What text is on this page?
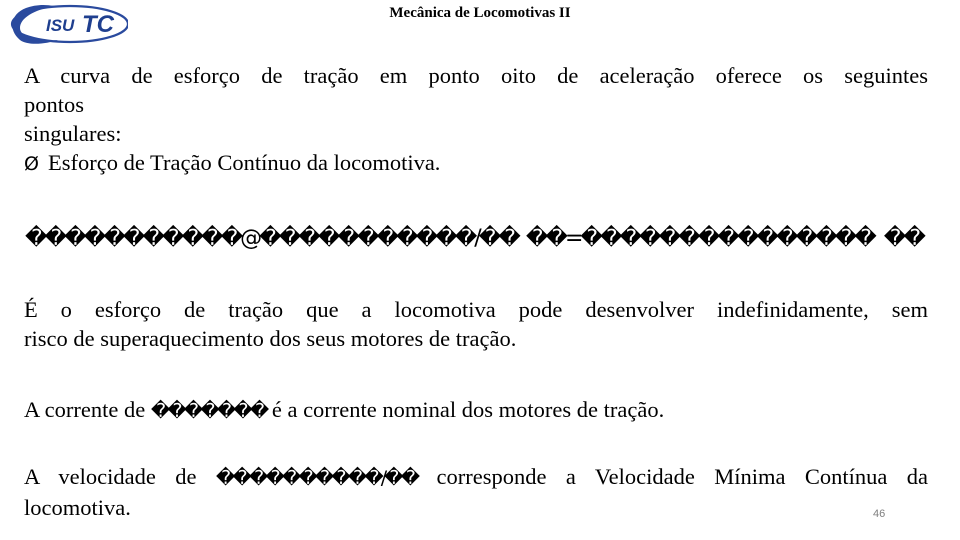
ISU TC	Mecânica de Locomotivas II
A curva de esforço de tração em ponto oito de aceleração oferece os seguintes
pontos
singulares:
Ø Esforço de Tração Contínuo da locomotiva.
�����������@�����������/�� ��=��������������� ��
É o esforço de tração que a locomotiva pode desenvolver indefinidamente, sem
risco de superaquecimento dos seus motores de tração.
A corrente de ������� é a corrente nominal dos motores de tração.
A velocidade de ����������/�� corresponde a Velocidade Mínima Contínua da
locomotiva.	46
